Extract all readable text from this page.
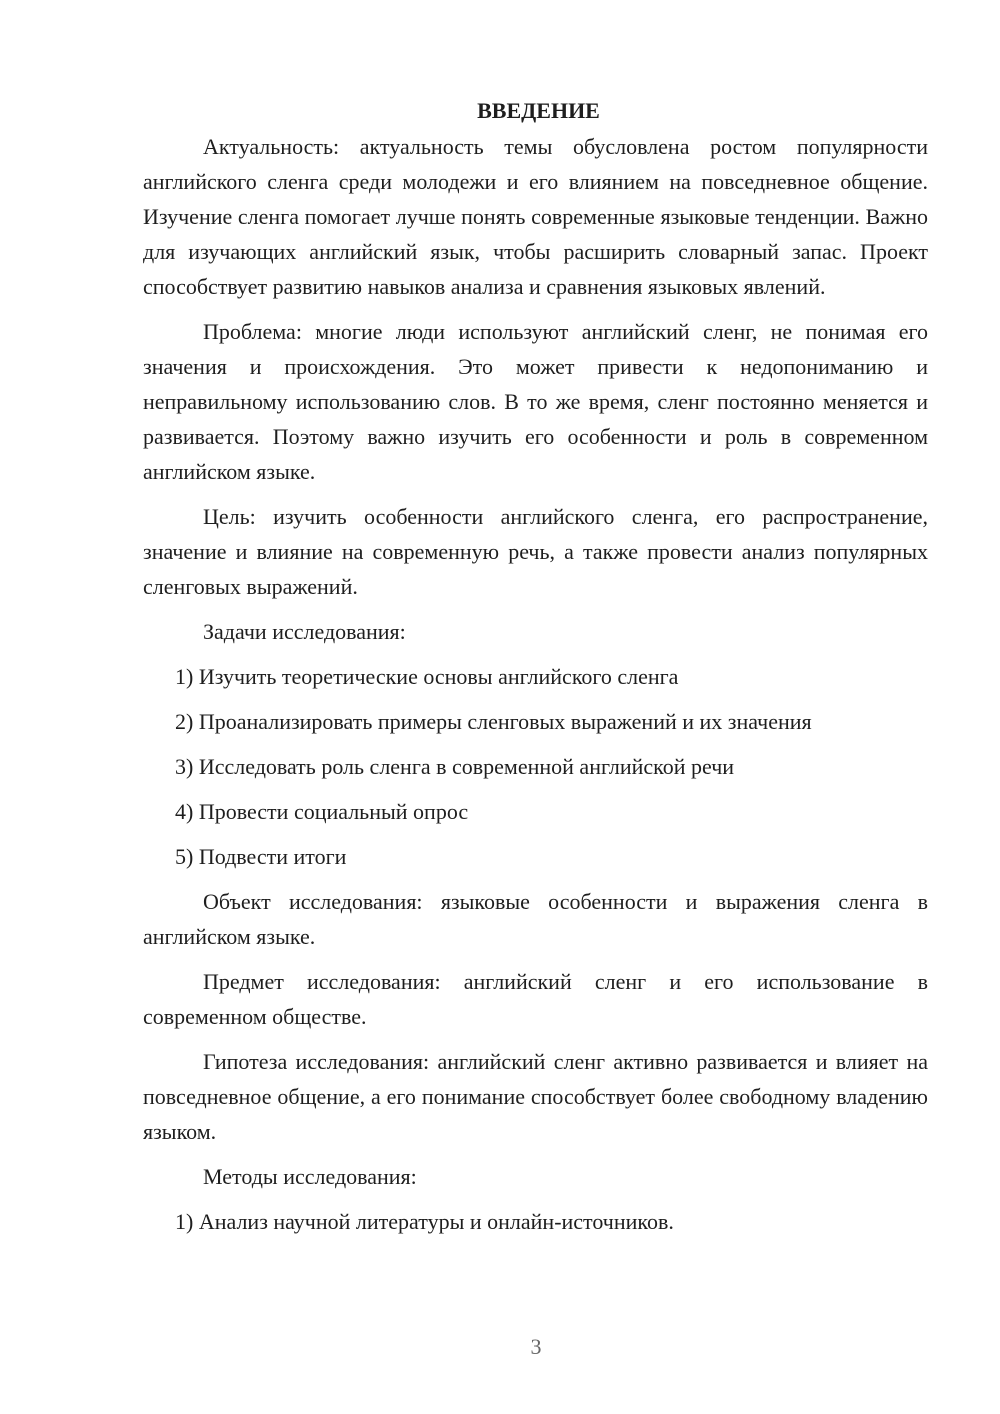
ВВЕДЕНИЕ

Актуальность: актуальность темы обусловлена ростом популярности английского сленга среди молодежи и его влиянием на повседневное общение. Изучение сленга помогает лучше понять современные языковые тенденции. Важно для изучающих английский язык, чтобы расширить словарный запас. Проект способствует развитию навыков анализа и сравнения языковых явлений.

Проблема: многие люди используют английский сленг, не понимая его значения и происхождения. Это может привести к недопониманию и неправильному использованию слов. В то же время, сленг постоянно меняется и развивается. Поэтому важно изучить его особенности и роль в современном английском языке.

Цель: изучить особенности английского сленга, его распространение, значение и влияние на современную речь, а также провести анализ популярных сленговых выражений.

Задачи исследования:

1) Изучить теоретические основы английского сленга
2) Проанализировать примеры сленговых выражений и их значения
3) Исследовать роль сленга в современной английской речи
4) Провести социальный опрос
5) Подвести итоги

Объект исследования: языковые особенности и выражения сленга в английском языке.

Предмет исследования: английский сленг и его использование в современном обществе.

Гипотеза исследования: английский сленг активно развивается и влияет на повседневное общение, а его понимание способствует более свободному владению языком.

Методы исследования:

1) Анализ научной литературы и онлайн-источников.
3
